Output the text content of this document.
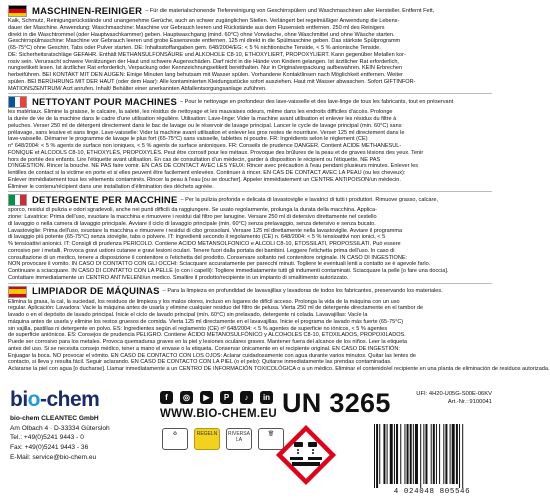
MASCHINEN-REINIGER – Für die materialschonende Tiefenreinigung von Geschirrspülern und Waschmaschinen aller Hersteller. Entfernt Fett,
Kalk, Schmutz, Reinigungsrückstände und unangenehme Gerüche, auch an schwer zugänglichen Stellen. Verlängert bei regelmäßiger Anwendung die Lebens-
dauer der Maschine. Anwendung: Waschmaschine: Maschine vor Gebrauch leeren und Rückstände aus dem Flusensieb entfernen. 250 ml des Reinigers
direkt in die Waschtrommel (oder Hauptwaschkammer) geben. Hauptwaschgang (mind. 60°C) ohne Vorwäsche, ohne Waschmittel und ohne Wäsche starten.
Geschirrspülmaschine: Maschine vor Gebrauch leeren und grobe Essensreste entfernen. 125 ml direkt in die Spülmaschine geben. Das stärkste Spülprogramm
(65-75°C) ohne Geschirr, Tabs oder Pulver starten. DE: Inhaltsstoffangaben gem. 648/2004/EG: < 5 % nichtionische Tenside, < 5 % anionische Tenside.
DE: Sicherheitsratschläge GEFAHR. Enthält METHANSULFONSÄURE und ALKOHOLE C8-10, ETHOXYLIERT, PROPOXYLIERT. Kann gegenüber Metallen kor-
rosiv sein. Verursacht schwere Verätzungen der Haut und schwere Augenschäden. Darf nicht in die Hände von Kindern gelangen. Ist ärztlicher Rat erforderlich,
nungsetikett lesen. Ist ärztlicher Rat erforderlich, Verpackung oder Kennzeichnungsetikett bereithalten. Nur in Originalverpackung aufbewahren. KEIN Erbrechen
herbeiführen. BEI KONTAKT MIT DEN AUGEN: Einige Minuten lang behutsam mit Wasser spülen. Vorhandene Kontaktlinsen nach Möglichkeit entfernen. Weiter
spülen. BEI BERÜHRUNG MIT DER HAUT (oder dem Haar): Alle kontaminierten Kleidungsstücke sofort ausziehen. Haut mit Wasser abwaschen. Sofort GIFTINFOR-
MATIONSZENTRUM/ Arzt anrufen. Inhalt/ Behälter einer anerkannten Abfallentsorgungsanlage zuführen.
NETTOYANT POUR MACHINES – Pour le nettoyage en profondeur des lave-vaisselle et des lave-linge de tous les fabricants, tout en préservant
les matériaux. Élimine la graisse, le calcaire, la saleté, les résidus de nettoyage et les mauvaises odeurs, même dans les endroits difficiles d'accès. Prolonge
la durée de vie de la machine dans le cadre d'une utilisation régulière. Utilisation: Lave-linge: Vider la machine avant utilisation et enlever les résidus du filtre à
peluches. Verser 250 ml de détergent directement dans le bac de lavage ou le réservoir de lavage principal. Lancer le cycle de lavage principal (min. 60°C) sans
prélavage, sans lessive et sans linge. Lave-vaisselle: Vider la machine avant utilisation et enlever les gros restes de nourriture. Verser 125 ml directement dans le
lave-vaisselle. Démarrer le programme de lavage le plus fort (65-75°C) sans vaisselle, tablettes ni poudre. FR: Ingrédients selon le règlement (CE)
n° 648/2004: < 5 % agents de surface non ioniques, < 5 % agents de surface anioniques. FR: Conseils de prudence DANGER. Contient ACIDE METHANESUL-
FONIQUE et ALCOOLS C8-10, ETHOXYLÉS, PROPOXYLÉS. Peut être corrosif pour les métaux. Provoque des brûlures de la peau et de graves lésions des yeux. Tenir
hors de portée des enfants. Lire l'étiquette avant utilisation. En cas de consultation d'un médecin, garder à disposition le récipient ou l'étiquette. NE PAS
D'INGESTION. Rincer la bouche. NE PAS faire vomir. EN CAS DE CONTACT AVEC LES YEUX: Rincer avec précaution à l'eau pendant plusieurs minutes. Enlever les
lentilles de contact si la victime en porte et si elles peuvent être facilement enlevées. Continuer à rincer. EN CAS DE CONTACT AVEC LA PEAU (ou les cheveux):
Enlever immédiatement tous les vêtements contaminés. Rincer la peau à l'eau [ou se doucher]. Appeler immédiatement un CENTRE ANTIPOISON/un médecin.
Éliminer le contenu/récipient dans une installation d'élimination des déchets agréée.
DETERGENTE PER MACCHINE – Per la pulizia profonda e delicata di lavastoviglie e lavatrici di tutti i produttori. Rimuove grasso, calcare,
sporco, residui di pulizia e odori sgradevoli, anche nei punti difficili da raggiungere. Se usato regolarmente, prolunga la durata della macchina. Applica-
zione: Lavatrice: Prima dell'uso, svuotare la macchina e rimuovere i residui dal filtro per lanugine. Versare 250 ml di detersivo direttamente nel cestello
di lavaggio o nella camera di lavaggio principale. Avviare il ciclo di lavaggio principale (min. 60°C) senza prelavaggio, senza detersivo e senza bucato.
Lavastoviglie: Prima dell'uso, svuotare la macchina e rimuovere i residui di cibo grossolani. Versare 125 ml direttamente nella lavastoviglie. Avviare il programma
di lavaggio più potente (65-75°C) senza stoviglie, tabs o polvere. IT: Ingredienti secondo il regolamento (CE) n. 648/2004: < 5 % tensioattivi non ionici, < 5
% tensioattivi anionici. IT: Consigli di prudenza PERICOLO. Contiene ACIDO METANSOLFONICO e ALCOLI C8-10, ETOSSILATI, PROPOSSILATI. Può essere
corrosivo per i metalli. Provoca gravi ustioni cutanee e gravi lesioni oculari. Tenere fuori dalla portata dei bambini. Leggere l'etichetta prima dell'uso. In caso di
consultazione di un medico, tenere a disposizione il contenitore o l'etichetta del prodotto. Conservare soltanto nel contenitore originale. IN CASO DI INGESTIONE:
NON provocare il vomito. IN CASO DI CONTATTO CON GLI OCCHI: Sciacquare accuratamente per parecchi minuti. Togliere le eventuali lenti a contatto se è agevole farlo.
Continuare a sciacquare. IN CASO DI CONTATTO CON LA PELLE (o con i capelli): Togliere immediatamente tutti gli indumenti contaminati. Sciacquare la pelle [o fare una doccia].
Contattare immediatamente un CENTRO ANTIVELENI/un medico. Smaltire il prodotto/recipiente in un impianto di smaltimento autorizzato.
LIMPIADOR DE MÁQUINAS – Para la limpieza en profundidad de lavavajillas y lavadoras de todos los fabricantes, preservando los materiales.
Elimina la grasa, la cal, la suciedad, los residuos de limpieza y los malos olores, incluso en lugares de difícil acceso. Prolonga la vida de la máquina con un uso
regular. Aplicación: Lavadora: Vacíe la máquina antes de usarla y elimine cualquier residuo del filtro de pelusa. Vierta 250 ml de detergente directamente en el tambor de
lavado o en el depósito de lavado principal. Inicie el ciclo de lavado principal (mín. 60°C) sin prelavado, detergente ni colada. Lavavajillas: Vacíe la
máquina antes de usarla y elimine los restos gruesos de comida. Vierta 125 ml directamente en el lavavajillas. Inicie el programa de lavado más fuerte (65-75°C)
sin vajilla, pastillas ni detergente en polvo. ES: Ingredientes según el reglamento (CE) nº 648/2004: < 5 % agentes de superficie no iónicos, < 5 % agentes
de superficie aniónicos. ES: Consejos de prudencia PELIGRO. Contiene ÁCIDO METANOSULFÓNICO y ALCOHOLES C8-10, ETOXILADOS, PROPOXILADOS.
Puede ser corrosivo para los metales. Provoca quemaduras graves en la piel y lesiones oculares graves. Mantener fuera del alcance de los niños. Leer la etiqueta
antes del uso. Si se necesita consejo médico, tener a mano el envase o la etiqueta. Conservar únicamente en el recipiente original. EN CASO DE INGESTIÓN:
Enjuagar la boca. NO provocar el vómito. EN CASO DE CONTACTO CON LOS OJOS: Aclarar cuidadosamente con agua durante varios minutos. Quitar las lentes de
contacto, si lleva y resulta fácil. Seguir aclarando. EN CASO DE CONTACTO CON LA PIEL (o el pelo): Quitarse inmediatamente las prendas contaminadas.
Aclararse la piel con agua [o ducharse]. Llamar inmediatamente a un CENTRO DE INFORMACIÓN TOXICOLÓGICA o a un médico. Eliminar el contenido/el recipiente en una planta de eliminación de residuos autorizada.
bio-chem
bio-chem CLEANTEC GmbH
Am Olbach 4 · D-33334 Gütersloh
Tel.: +49(0)5241 9443 - 0
Fax: +49(0)5241 9443 - 36
E-Mail: service@bio-chem.eu
f	◎	▶	P	♪	in
WWW.BIO-CHEM.EU UN 3265	UFI: 4H20-U05G-S00E-06KV
Art.-Nr.: 9100041
♻	REGELN	RIVERSA LA
🗑
4 024048 805546
